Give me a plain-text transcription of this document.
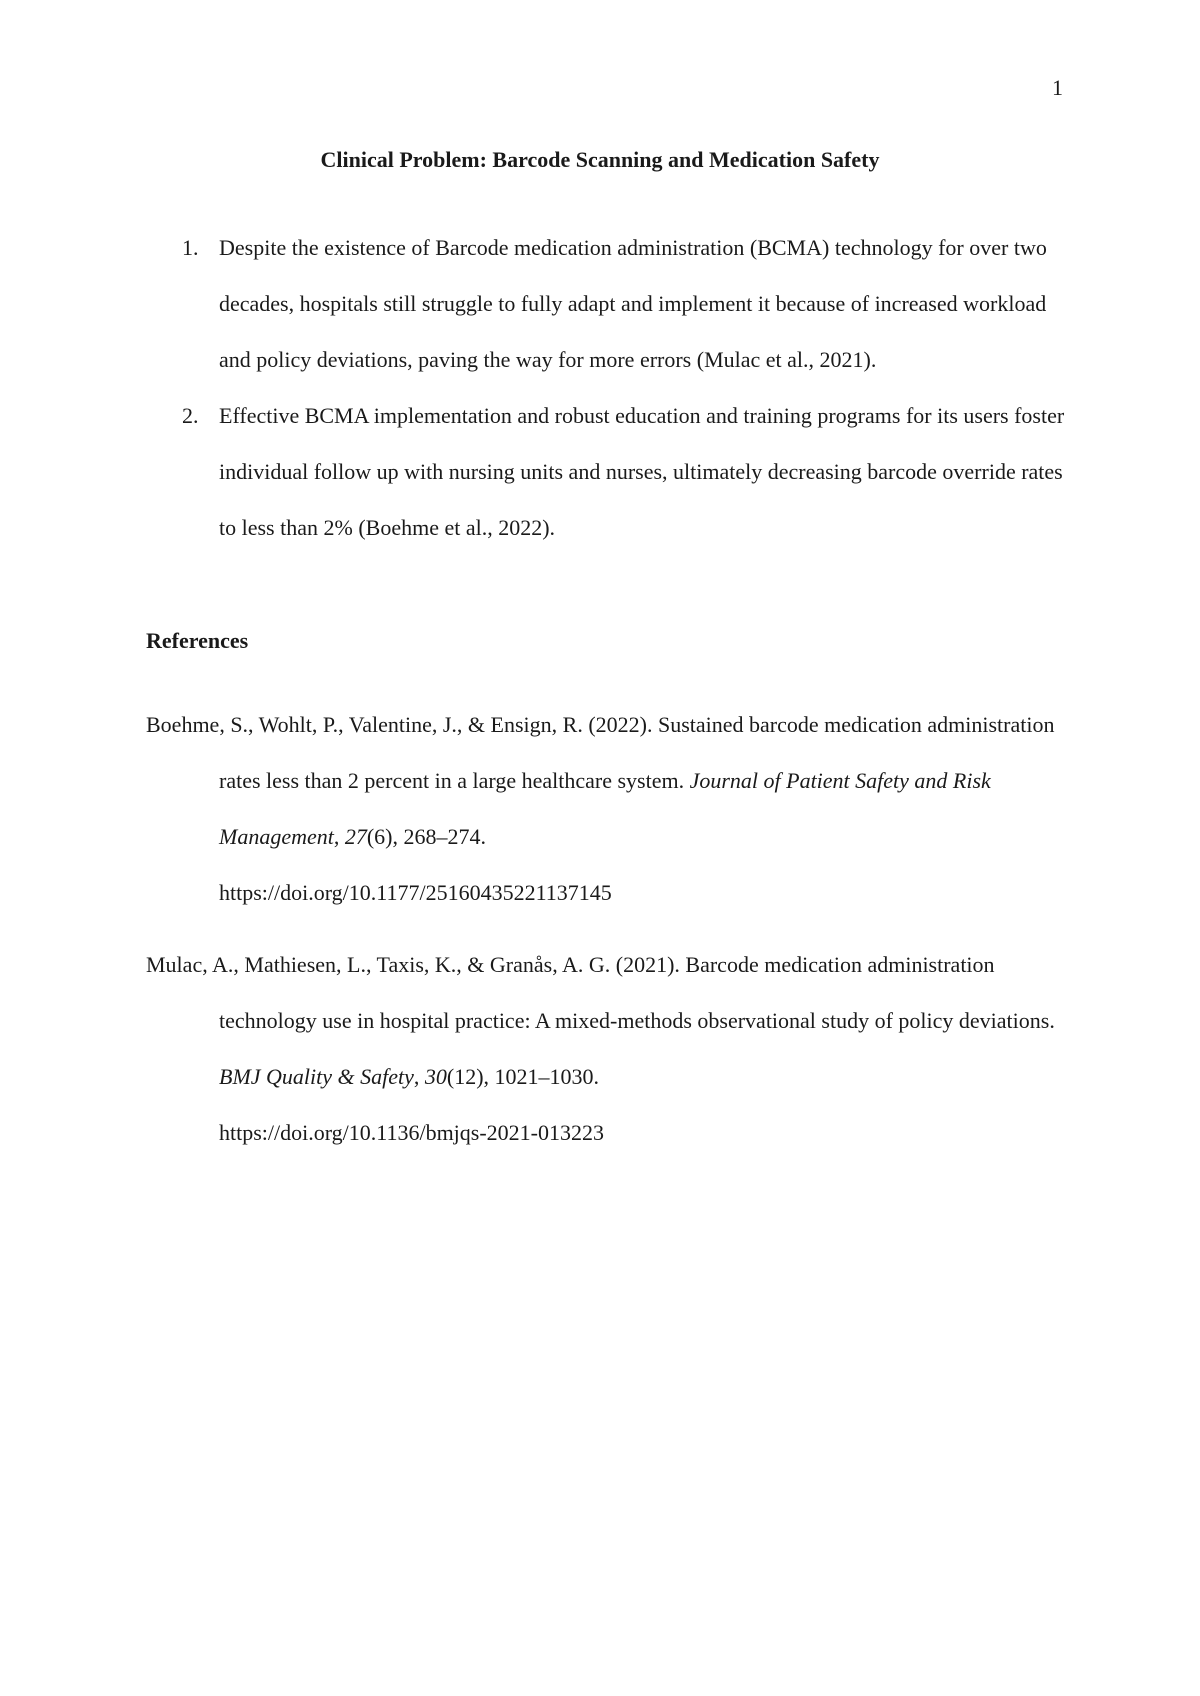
1
Clinical Problem: Barcode Scanning and Medication Safety
1. Despite the existence of Barcode medication administration (BCMA) technology for over two decades, hospitals still struggle to fully adapt and implement it because of increased workload and policy deviations, paving the way for more errors (Mulac et al., 2021).
2. Effective BCMA implementation and robust education and training programs for its users foster individual follow up with nursing units and nurses, ultimately decreasing barcode override rates to less than 2% (Boehme et al., 2022).
References

Boehme, S., Wohlt, P., Valentine, J., & Ensign, R. (2022). Sustained barcode medication administration rates less than 2 percent in a large healthcare system. Journal of Patient Safety and Risk Management, 27(6), 268–274.
https://doi.org/10.1177/25160435221137145

Mulac, A., Mathiesen, L., Taxis, K., & Granås, A. G. (2021). Barcode medication administration technology use in hospital practice: A mixed-methods observational study of policy deviations. BMJ Quality & Safety, 30(12), 1021–1030.
https://doi.org/10.1136/bmjqs-2021-013223
